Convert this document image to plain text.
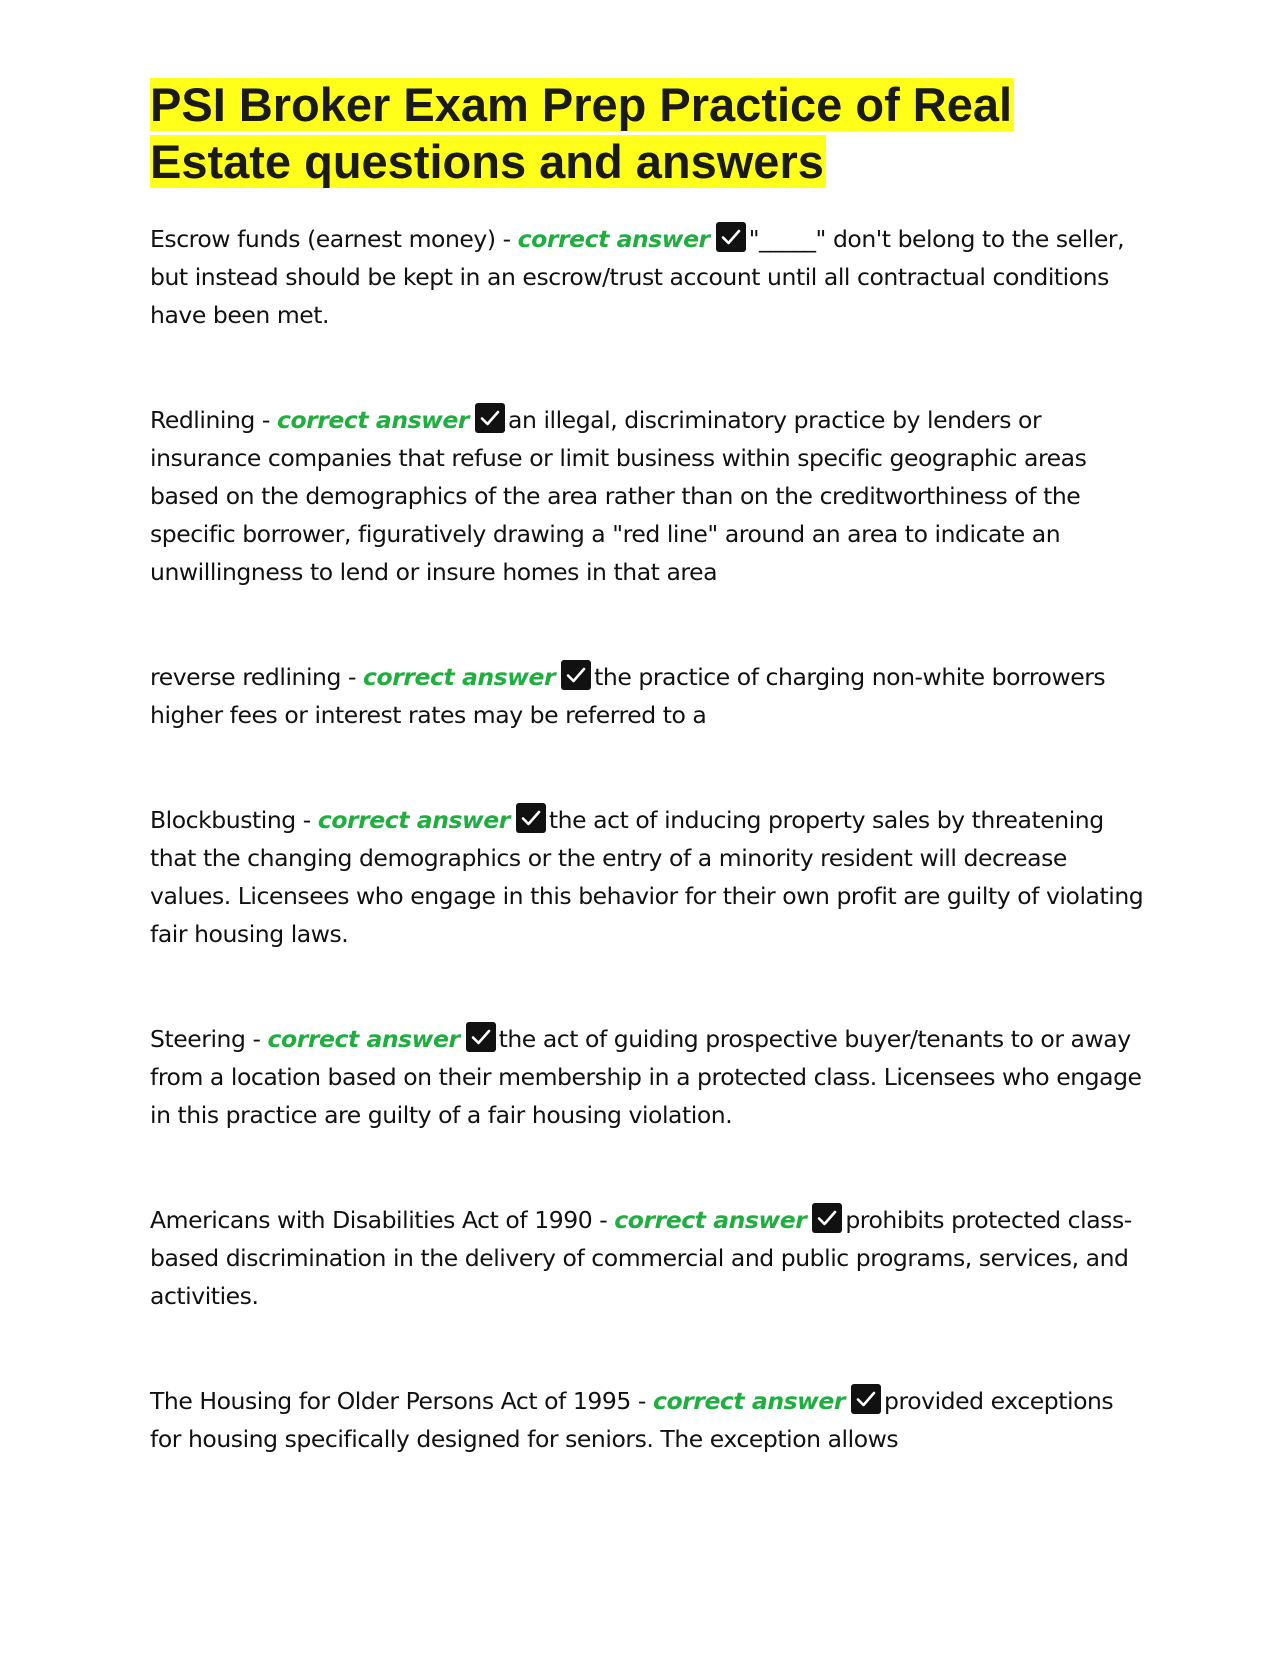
PSI Broker Exam Prep Practice of Real Estate questions and answers

Escrow funds (earnest money) - correct answer "_____" don't belong to the seller, but instead should be kept in an escrow/trust account until all contractual conditions have been met.

Redlining - correct answer an illegal, discriminatory practice by lenders or insurance companies that refuse or limit business within specific geographic areas based on the demographics of the area rather than on the creditworthiness of the specific borrower, figuratively drawing a "red line" around an area to indicate an unwillingness to lend or insure homes in that area

reverse redlining - correct answer the practice of charging non-white borrowers higher fees or interest rates may be referred to a

Blockbusting - correct answer the act of inducing property sales by threatening that the changing demographics or the entry of a minority resident will decrease values. Licensees who engage in this behavior for their own profit are guilty of violating fair housing laws.

Steering - correct answer the act of guiding prospective buyer/tenants to or away from a location based on their membership in a protected class. Licensees who engage in this practice are guilty of a fair housing violation.

Americans with Disabilities Act of 1990 - correct answer prohibits protected class-based discrimination in the delivery of commercial and public programs, services, and activities.

The Housing for Older Persons Act of 1995 - correct answer provided exceptions for housing specifically designed for seniors. The exception allows
